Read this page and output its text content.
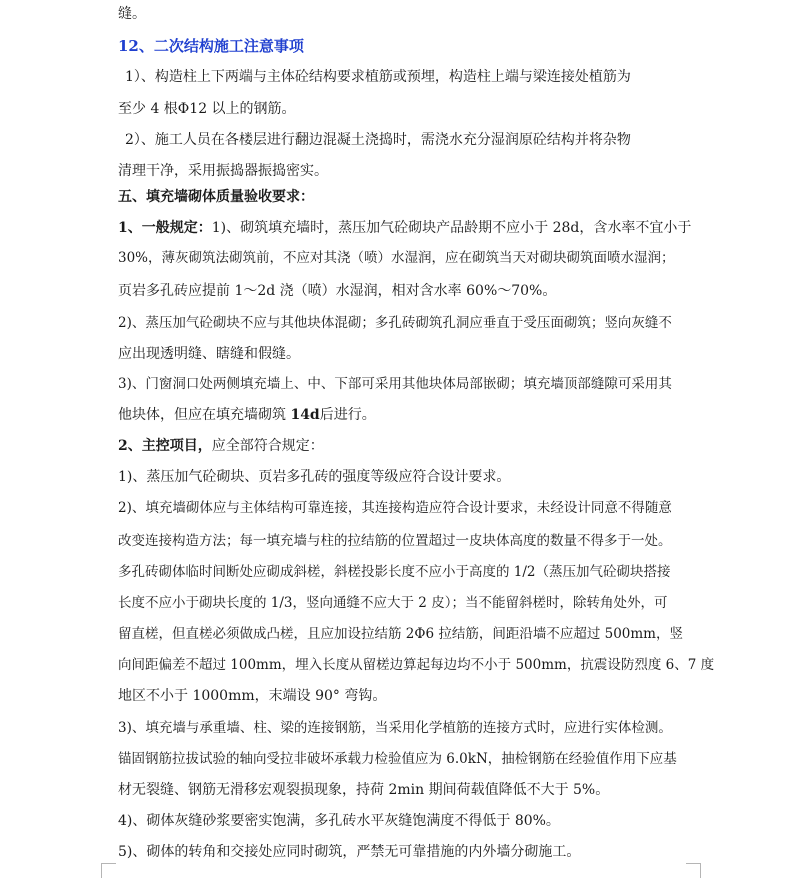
缝。
12、二次结构施工注意事项
1）、构造柱上下两端与主体砼结构要求植筋或预埋，构造柱上端与梁连接处植筋为
至少 4 根Φ12 以上的钢筋。
2）、施工人员在各楼层进行翻边混凝土浇捣时，需浇水充分湿润原砼结构并将杂物
清理干净，采用振捣器振捣密实。
五、填充墙砌体质量验收要求：
1、一般规定：1)、砌筑填充墙时，蒸压加气砼砌块产品龄期不应小于 28d，含水率不宜小于
30%，薄灰砌筑法砌筑前，不应对其浇（喷）水湿润，应在砌筑当天对砌块砌筑面喷水湿润；
页岩多孔砖应提前 1～2d 浇（喷）水湿润，相对含水率 60%～70%。
2)、蒸压加气砼砌块不应与其他块体混砌；多孔砖砌筑孔洞应垂直于受压面砌筑；竖向灰缝不
应出现透明缝、瞎缝和假缝。
3)、门窗洞口处两侧填充墙上、中、下部可采用其他块体局部嵌砌；填充墙顶部缝隙可采用其
他块体，但应在填充墙砌筑 14d后进行。
2、主控项目，应全部符合规定：
1)、蒸压加气砼砌块、页岩多孔砖的强度等级应符合设计要求。
2)、填充墙砌体应与主体结构可靠连接，其连接构造应符合设计要求，未经设计同意不得随意
改变连接构造方法；每一填充墙与柱的拉结筋的位置超过一皮块体高度的数量不得多于一处。
多孔砖砌体临时间断处应砌成斜槎，斜槎投影长度不应小于高度的 1/2（蒸压加气砼砌块搭接
长度不应小于砌块长度的 1/3，竖向通缝不应大于 2 皮）；当不能留斜槎时，除转角处外，可
留直槎，但直槎必须做成凸槎，且应加设拉结筋 2Φ6 拉结筋，间距沿墙不应超过 500mm，竖
向间距偏差不超过 100mm，埋入长度从留槎边算起每边均不小于 500mm，抗震设防烈度 6、7 度
地区不小于 1000mm，末端设 90° 弯钩。
3)、填充墙与承重墙、柱、梁的连接钢筋，当采用化学植筋的连接方式时，应进行实体检测。
锚固钢筋拉拔试验的轴向受拉非破坏承载力检验值应为 6.0kN，抽检钢筋在经验值作用下应基
材无裂缝、钢筋无滑移宏观裂损现象，持荷 2min 期间荷载值降低不大于 5%。
4)、砌体灰缝砂浆要密实饱满，多孔砖水平灰缝饱满度不得低于 80%。
5)、砌体的转角和交接处应同时砌筑，严禁无可靠措施的内外墙分砌施工。
